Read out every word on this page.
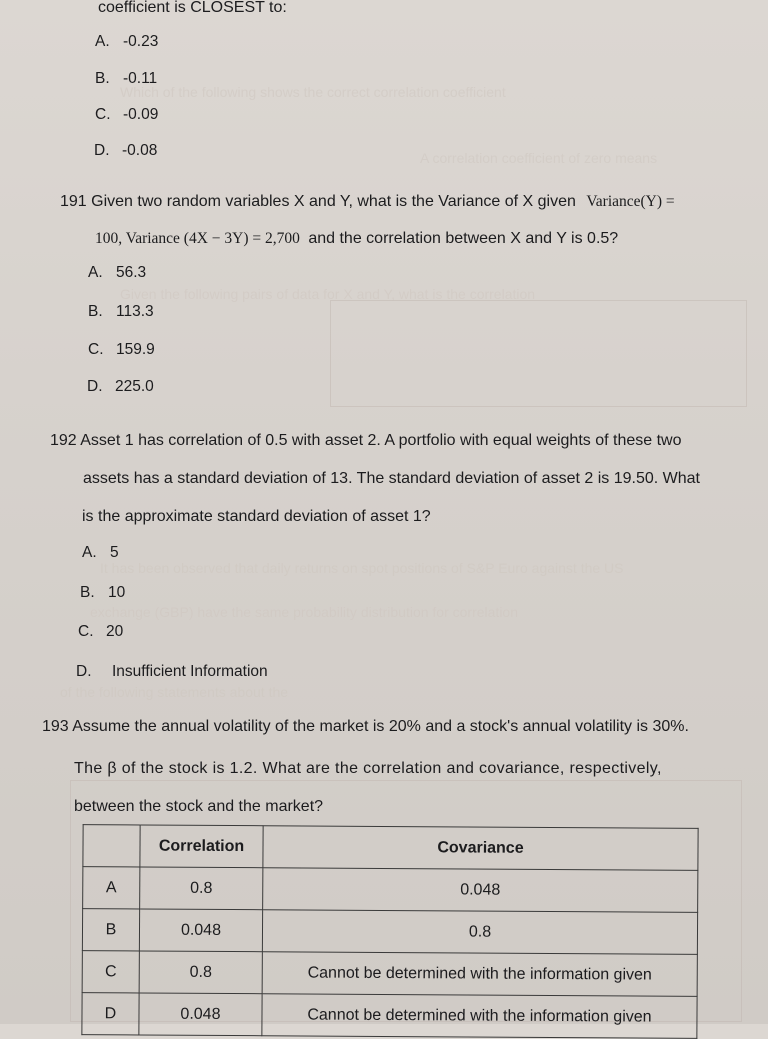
Which of the following shows the correct correlation coefficient
A correlation coefficient of zero means
Given the following pairs of data for X and Y, what is the correlation
It has been observed that daily returns on spot positions of S&P Euro against the US
exchange (GBP) have the same probability distribution for correlation
of the following statements about the
coefficient is CLOSEST to:
A. -0.23
B. -0.11
C. -0.09
D. -0.08
191 Given two random variables X and Y, what is the Variance of X given Variance(Y) =
100, Variance (4X − 3Y) = 2,700 and the correlation between X and Y is 0.5?
A. 56.3
B. 113.3
C. 159.9
D. 225.0
192 Asset 1 has correlation of 0.5 with asset 2. A portfolio with equal weights of these two
assets has a standard deviation of 13. The standard deviation of asset 2 is 19.50. What
is the approximate standard deviation of asset 1?
A. 5
B. 10
C. 20
D. Insufficient Information
193 Assume the annual volatility of the market is 20% and a stock's annual volatility is 30%.
The β of the stock is 1.2. What are the correlation and covariance, respectively,
between the stock and the market?
	Correlation	Covariance
A	0.8	0.048
B	0.048	0.8
C	0.8	Cannot be determined with the information given
D	0.048	Cannot be determined with the information given
